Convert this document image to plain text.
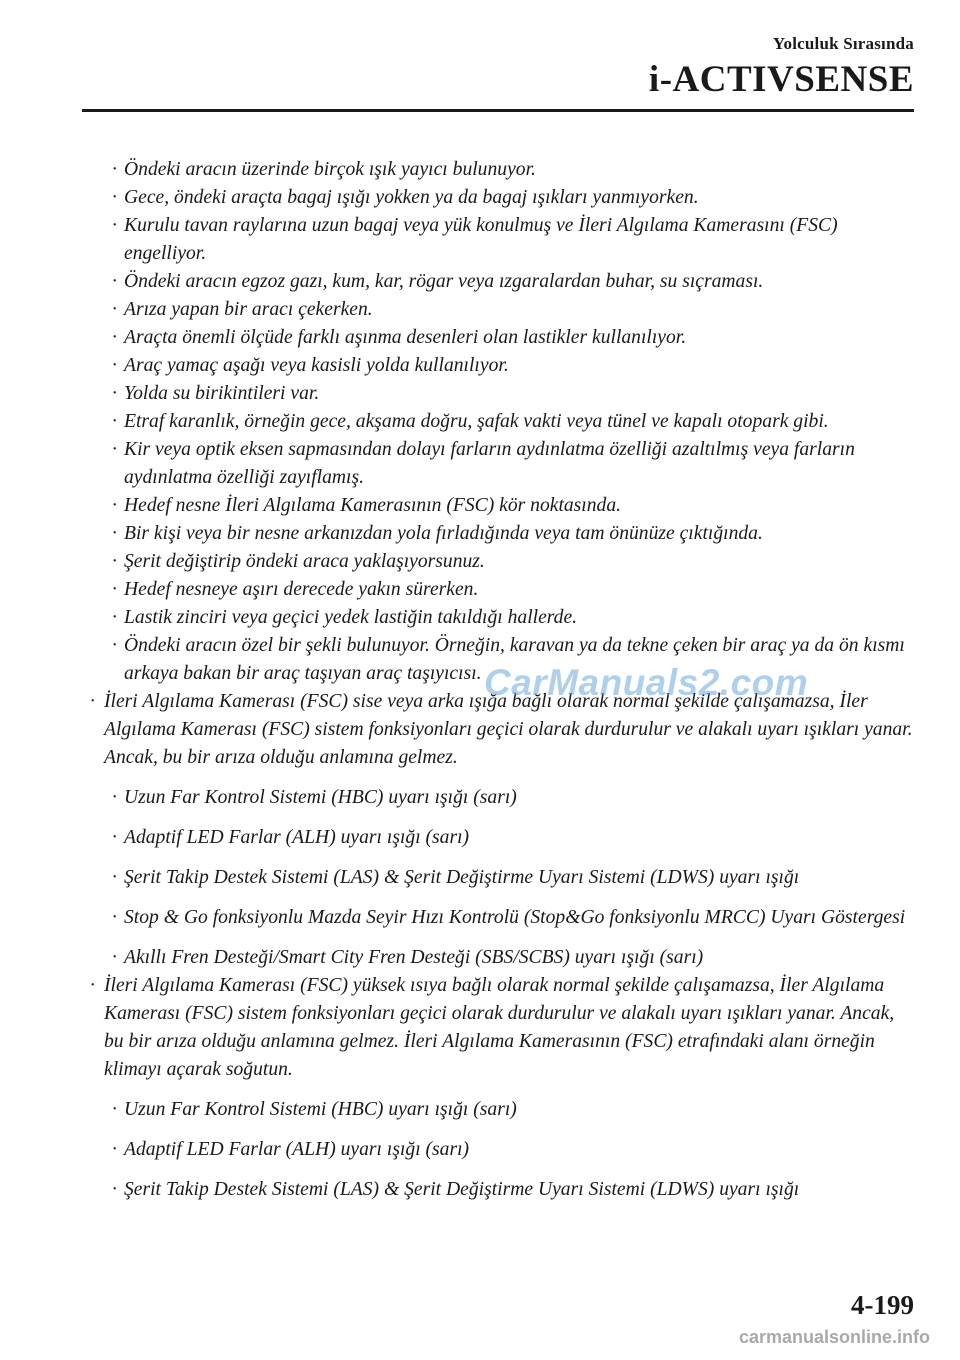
Yolculuk Sırasında
i-ACTIVSENSE
· Öndeki aracın üzerinde birçok ışık yayıcı bulunuyor.
· Gece, öndeki araçta bagaj ışığı yokken ya da bagaj ışıkları yanmıyorken.
· Kurulu tavan raylarına uzun bagaj veya yük konulmuş ve İleri Algılama Kamerasını (FSC) engelliyor.
· Öndeki aracın egzoz gazı, kum, kar, rögar veya ızgaralardan buhar, su sıçraması.
· Arıza yapan bir aracı çekerken.
· Araçta önemli ölçüde farklı aşınma desenleri olan lastikler kullanılıyor.
· Araç yamaç aşağı veya kasisli yolda kullanılıyor.
· Yolda su birikintileri var.
· Etraf karanlık, örneğin gece, akşama doğru, şafak vakti veya tünel ve kapalı otopark gibi.
· Kir veya optik eksen sapmasından dolayı farların aydınlatma özelliği azaltılmış veya farların aydınlatma özelliği zayıflamış.
· Hedef nesne İleri Algılama Kamerasının (FSC) kör noktasında.
· Bir kişi veya bir nesne arkanızdan yola fırladığında veya tam önünüze çıktığında.
· Şerit değiştirip öndeki araca yaklaşıyorsunuz.
· Hedef nesneye aşırı derecede yakın sürerken.
· Lastik zinciri veya geçici yedek lastiğin takıldığı hallerde.
· Öndeki aracın özel bir şekli bulunuyor. Örneğin, karavan ya da tekne çeken bir araç ya da ön kısmı arkaya bakan bir araç taşıyan araç taşıyıcısı.
· İleri Algılama Kamerası (FSC) sise veya arka ışığa bağlı olarak normal şekilde çalışamazsa, İler Algılama Kamerası (FSC) sistem fonksiyonları geçici olarak durdurulur ve alakalı uyarı ışıkları yanar. Ancak, bu bir arıza olduğu anlamına gelmez.
· Uzun Far Kontrol Sistemi (HBC) uyarı ışığı (sarı)
· Adaptif LED Farlar (ALH) uyarı ışığı (sarı)
· Şerit Takip Destek Sistemi (LAS) & Şerit Değiştirme Uyarı Sistemi (LDWS) uyarı ışığı
· Stop & Go fonksiyonlu Mazda Seyir Hızı Kontrolü (Stop&Go fonksiyonlu MRCC) Uyarı Göstergesi
· Akıllı Fren Desteği/Smart City Fren Desteği (SBS/SCBS) uyarı ışığı (sarı)
· İleri Algılama Kamerası (FSC) yüksek ısıya bağlı olarak normal şekilde çalışamazsa, İler Algılama Kamerası (FSC) sistem fonksiyonları geçici olarak durdurulur ve alakalı uyarı ışıkları yanar. Ancak, bu bir arıza olduğu anlamına gelmez. İleri Algılama Kamerasının (FSC) etrafındaki alanı örneğin klimayı açarak soğutun.
· Uzun Far Kontrol Sistemi (HBC) uyarı ışığı (sarı)
· Adaptif LED Farlar (ALH) uyarı ışığı (sarı)
· Şerit Takip Destek Sistemi (LAS) & Şerit Değiştirme Uyarı Sistemi (LDWS) uyarı ışığı
CarManuals2.com
4-199
carmanualsonline.info
